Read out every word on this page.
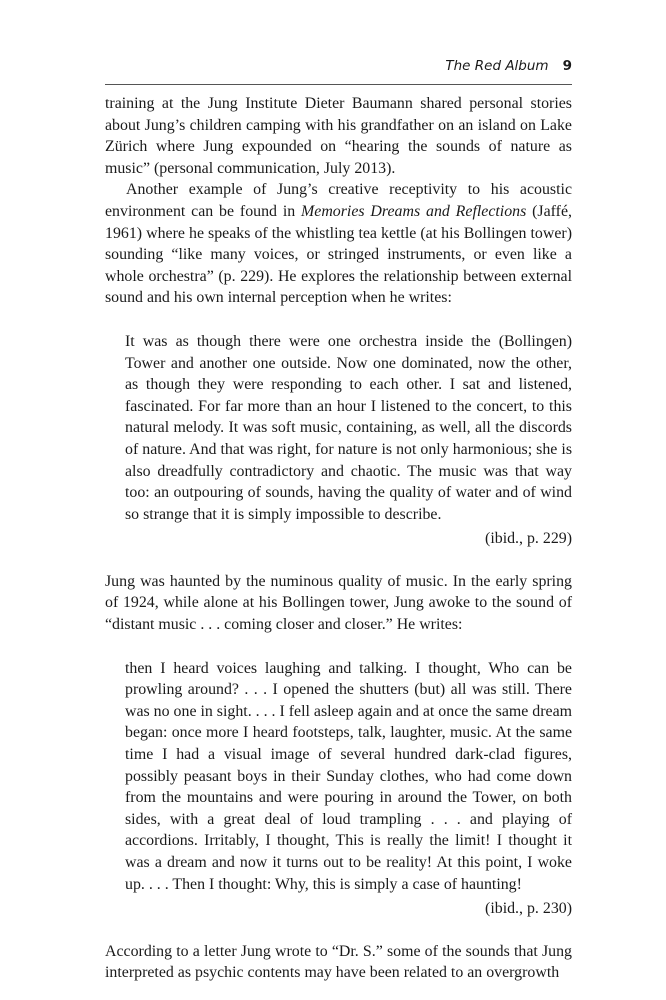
The Red Album 9

training at the Jung Institute Dieter Baumann shared personal stories about Jung’s children camping with his grandfather on an island on Lake Zürich where Jung expounded on “hearing the sounds of nature as music” (personal communication, July 2013).

Another example of Jung’s creative receptivity to his acoustic environment can be found in Memories Dreams and Reflections (Jaffé, 1961) where he speaks of the whistling tea kettle (at his Bollingen tower) sounding “like many voices, or stringed instruments, or even like a whole orchestra” (p. 229). He explores the relationship between external sound and his own internal perception when he writes:

It was as though there were one orchestra inside the (Bollingen) Tower and another one outside. Now one dominated, now the other, as though they were responding to each other. I sat and listened, fascinated. For far more than an hour I listened to the concert, to this natural melody. It was soft music, containing, as well, all the discords of nature. And that was right, for nature is not only harmonious; she is also dreadfully contradictory and chaotic. The music was that way too: an outpouring of sounds, having the quality of water and of wind so strange that it is simply impossible to describe.

(ibid., p. 229)

Jung was haunted by the numinous quality of music. In the early spring of 1924, while alone at his Bollingen tower, Jung awoke to the sound of “distant music . . . coming closer and closer.” He writes:

then I heard voices laughing and talking. I thought, Who can be prowling around? . . . I opened the shutters (but) all was still. There was no one in sight. . . . I fell asleep again and at once the same dream began: once more I heard footsteps, talk, laughter, music. At the same time I had a visual image of several hundred dark-clad figures, possibly peasant boys in their Sunday clothes, who had come down from the mountains and were pouring in around the Tower, on both sides, with a great deal of loud trampling . . . and playing of accordions. Irritably, I thought, This is really the limit! I thought it was a dream and now it turns out to be reality! At this point, I woke up. . . . Then I thought: Why, this is simply a case of haunting!

(ibid., p. 230)

According to a letter Jung wrote to “Dr. S.” some of the sounds that Jung interpreted as psychic contents may have been related to an overgrowth
